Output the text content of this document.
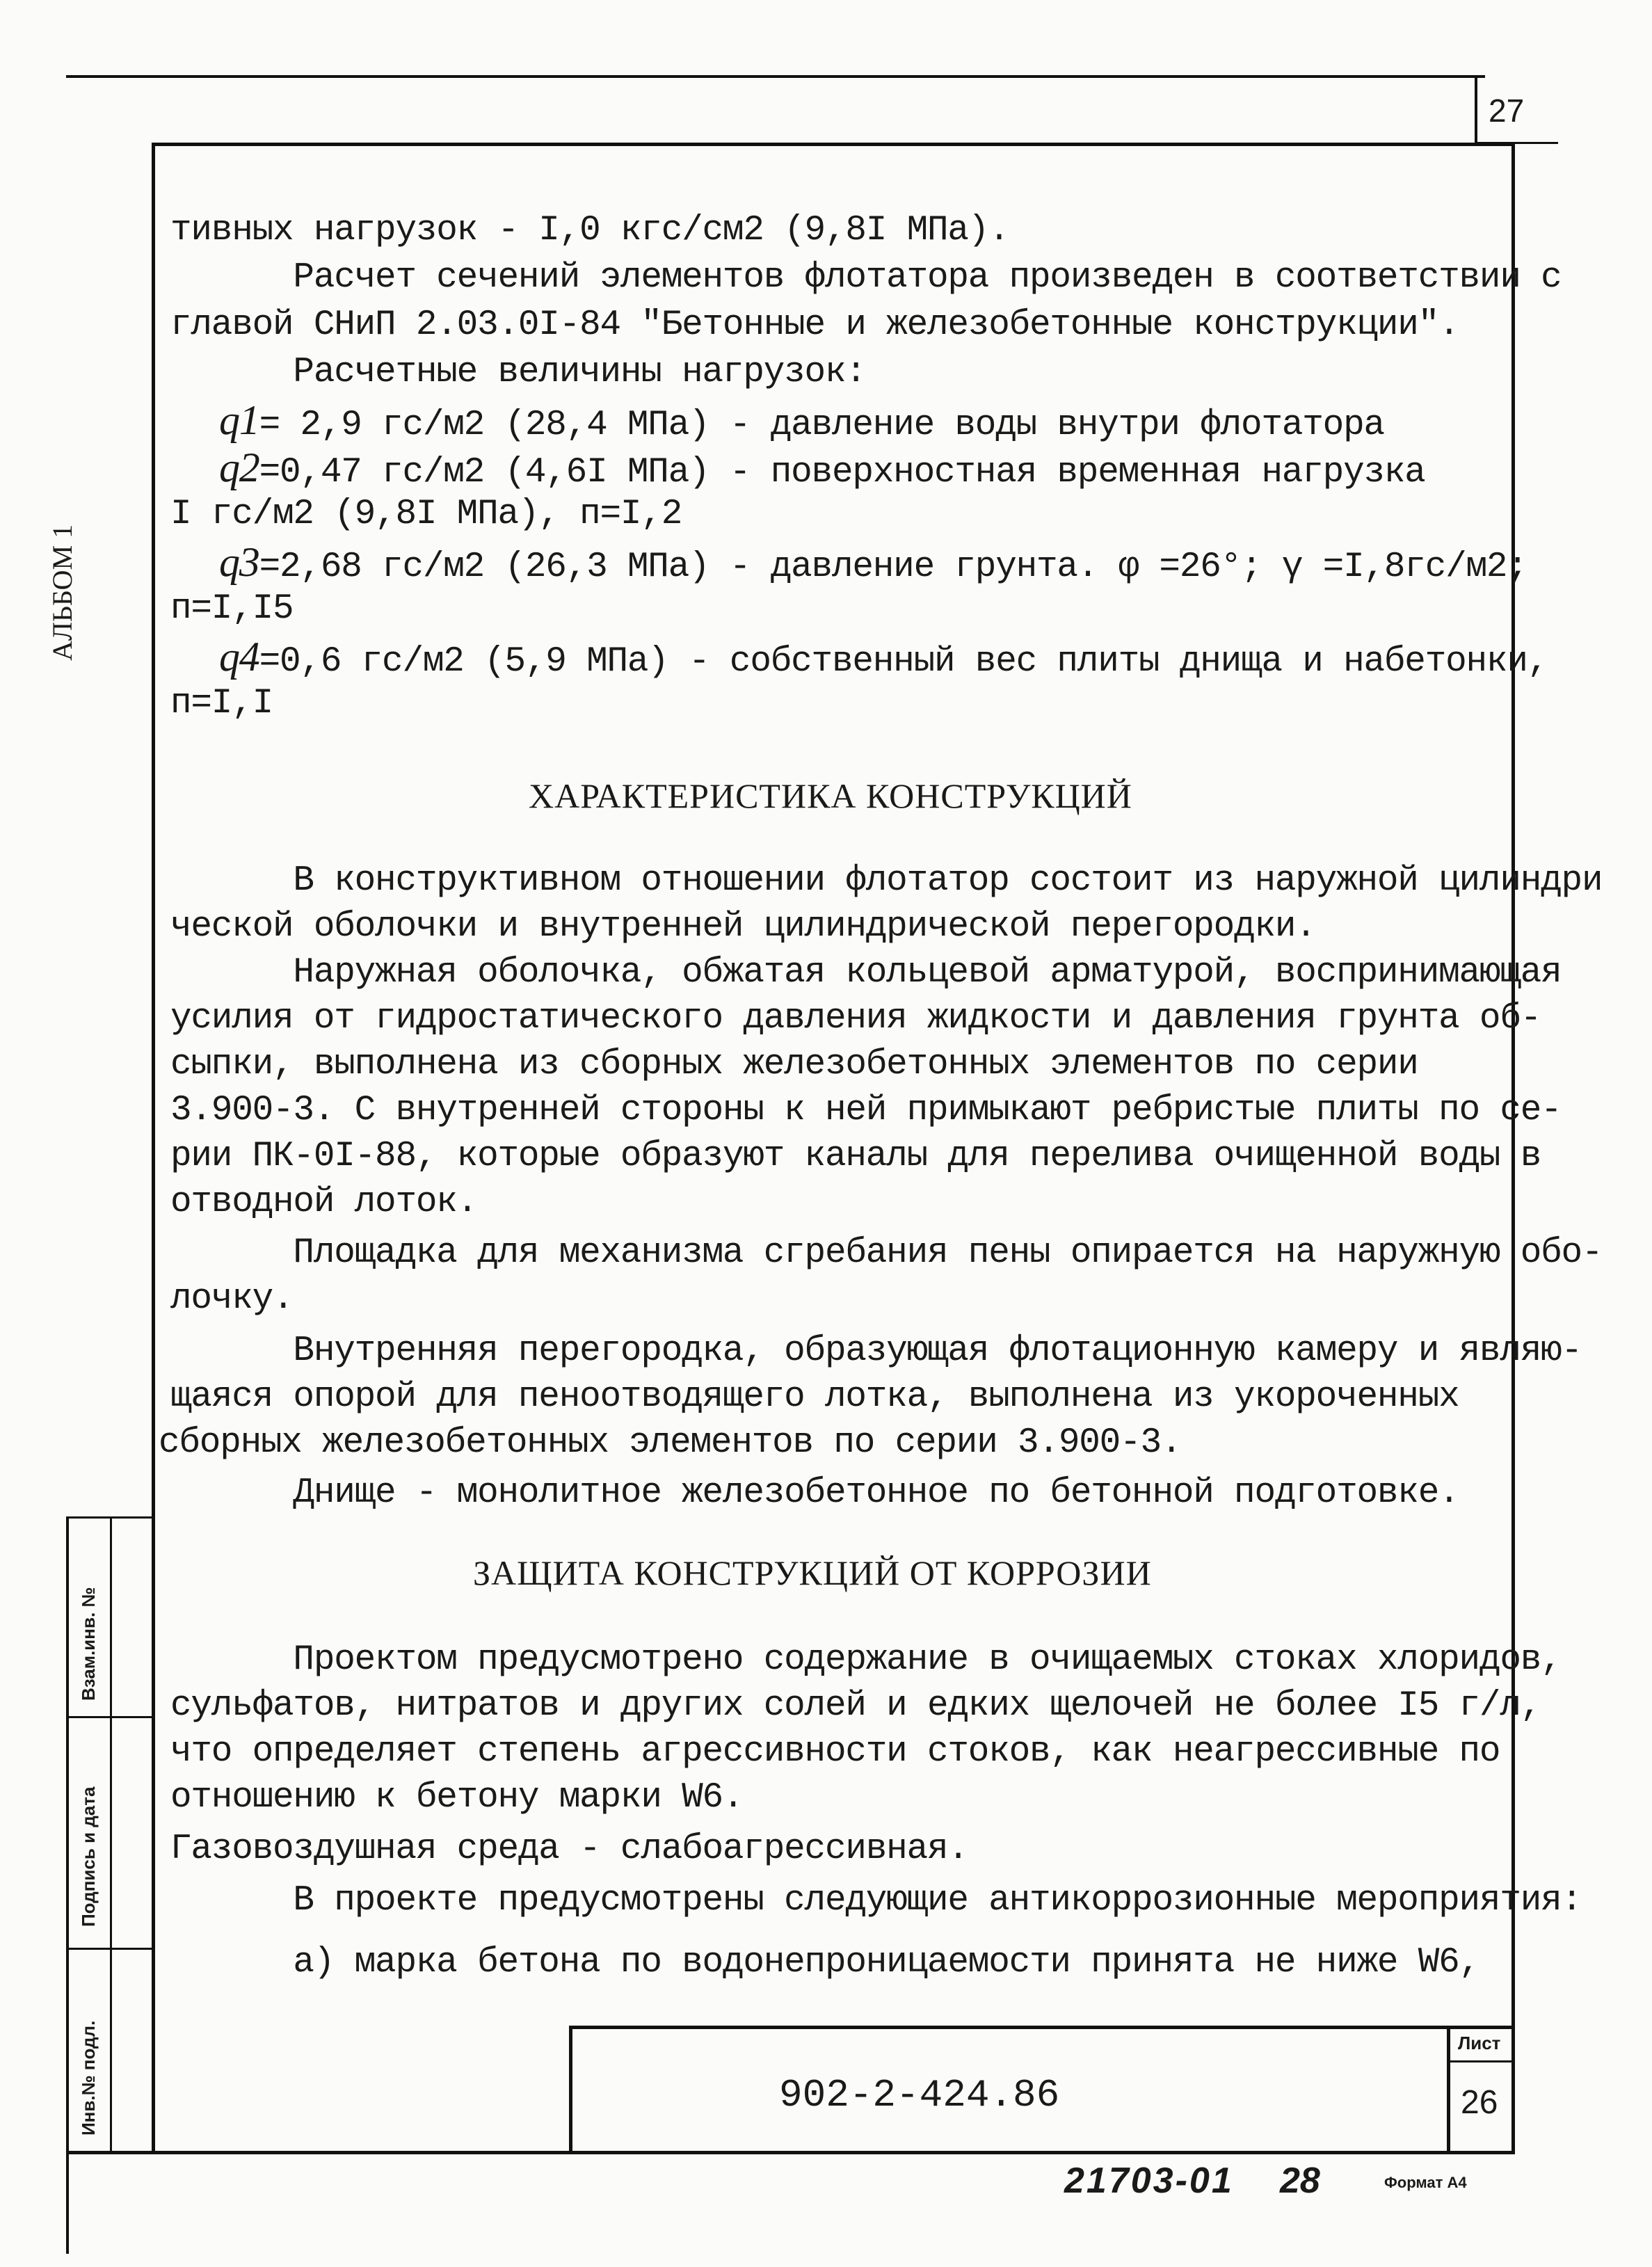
27
Взам.инв. №
Подпись и дата
Инв.№ подл.
АЛЬБОМ 1
тивных нагрузок - I,0 кгс/см2 (9,8I МПа).
Расчет сечений элементов флотатора произведен в соответствии с
главой СНиП 2.03.0I-84 "Бетонные и железобетонные конструкции".
Расчетные величины нагрузок:
q1= 2,9 гс/м2 (28,4 МПа) - давление воды внутри флотатора
q2=0,47 гс/м2 (4,6I МПа) - поверхностная временная нагрузка
I гс/м2 (9,8I МПа), п=I,2
q3=2,68 гс/м2 (26,3 МПа) - давление грунта. φ =26°; γ =I,8гс/м2;
п=I,I5
q4=0,6 гс/м2 (5,9 МПа) - собственный вес плиты днища и набетонки,
п=I,I
ХАРАКТЕРИСТИКА КОНСТРУКЦИЙ
В конструктивном отношении флотатор состоит из наружной цилиндри
ческой оболочки и внутренней цилиндрической перегородки.
Наружная оболочка, обжатая кольцевой арматурой, воспринимающая
усилия от гидростатического давления жидкости и давления грунта об-
сыпки, выполнена из сборных железобетонных элементов по серии
3.900-3. С внутренней стороны к ней примыкают ребристые плиты по се-
рии ПК-0I-88, которые образуют каналы для перелива очищенной воды в
отводной лоток.
Площадка для механизма сгребания пены опирается на наружную обо-
лочку.
Внутренняя перегородка, образующая флотационную камеру и являю-
щаяся опорой для пеноотводящего лотка, выполнена из укороченных
сборных железобетонных элементов по серии 3.900-3.
Днище - монолитное железобетонное по бетонной подготовке.
ЗАЩИТА КОНСТРУКЦИЙ ОТ КОРРОЗИИ
Проектом предусмотрено содержание в очищаемых стоках хлоридов,
сульфатов, нитратов и других солей и едких щелочей не более I5 г/л,
что определяет степень агрессивности стоков, как неагрессивные по
отношению к бетону марки W6.
Газовоздушная среда - слабоагрессивная.
В проекте предусмотрены следующие антикоррозионные мероприятия:
а) марка бетона по водонепроницаемости принята не ниже W6,
902-2-424.86
Лист
26
21703-01 28	Формат А4
